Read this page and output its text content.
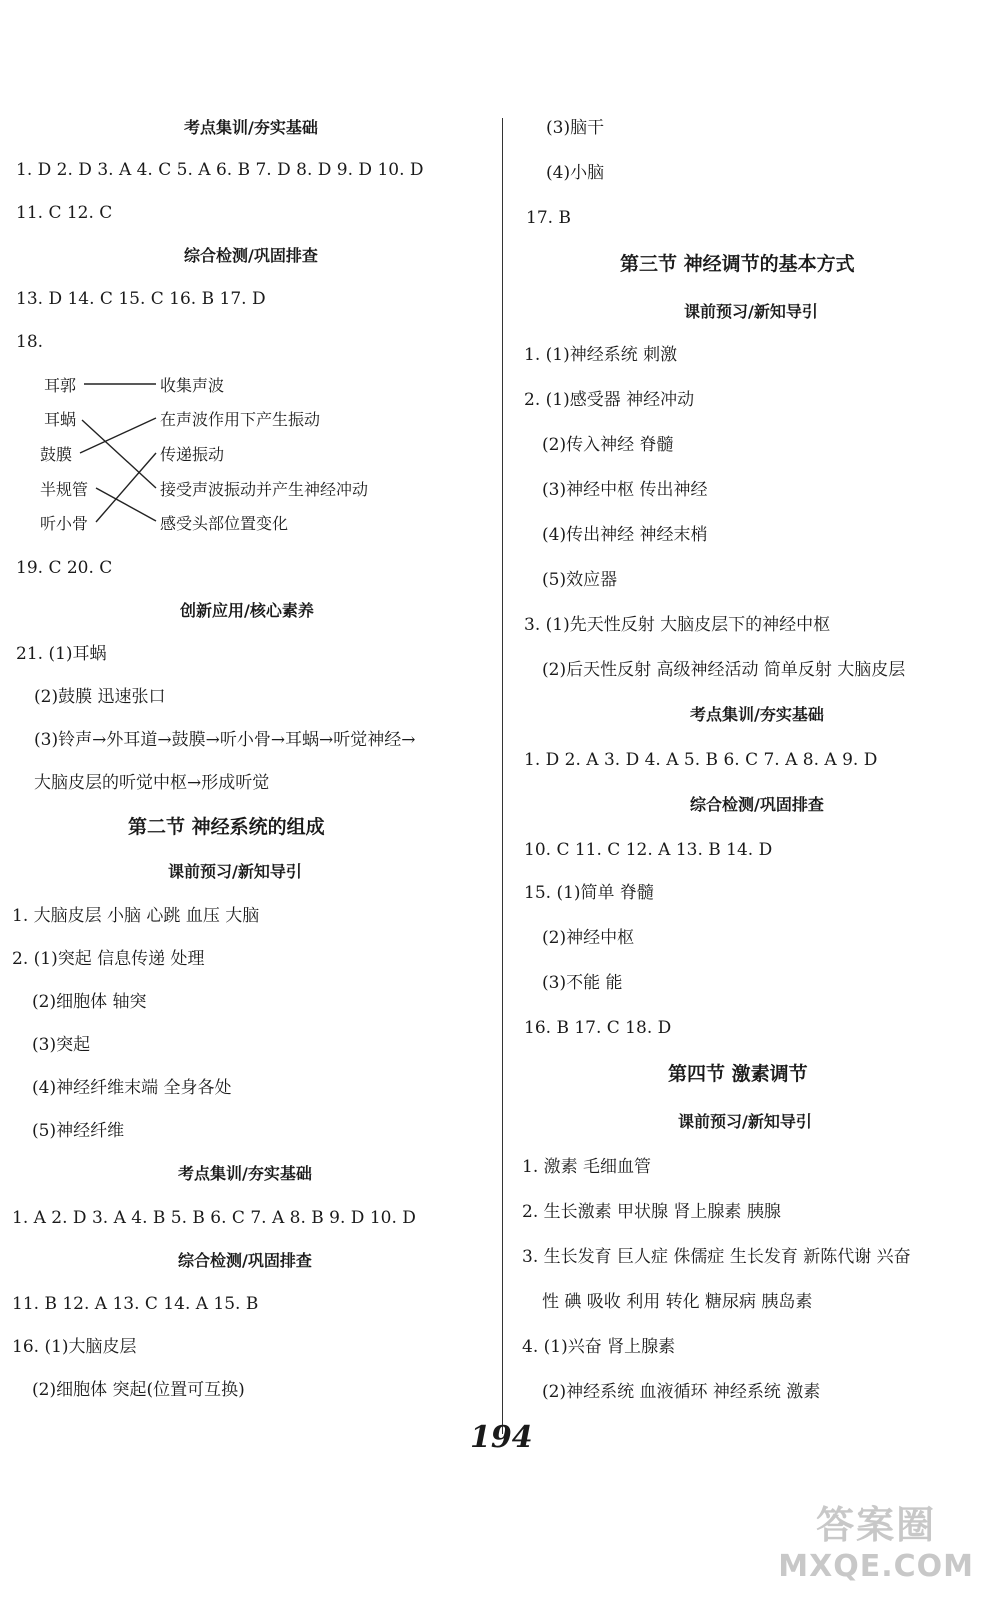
考点集训/夯实基础
1. D 2. D 3. A 4. C 5. A 6. B 7. D 8. D 9. D 10. D
11. C 12. C
综合检测/巩固排查
13. D 14. C 15. C 16. B 17. D
18.
耳郭
耳蜗
鼓膜
半规管
听小骨
收集声波
在声波作用下产生振动
传递振动
接受声波振动并产生神经冲动
感受头部位置变化
19. C 20. C
创新应用/核心素养
21. (1)耳蜗
(2)鼓膜 迅速张口
(3)铃声→外耳道→鼓膜→听小骨→耳蜗→听觉神经→
大脑皮层的听觉中枢→形成听觉
第二节 神经系统的组成
课前预习/新知导引
1. 大脑皮层 小脑 心跳 血压 大脑
2. (1)突起 信息传递 处理
(2)细胞体 轴突
(3)突起
(4)神经纤维末端 全身各处
(5)神经纤维
考点集训/夯实基础
1. A 2. D 3. A 4. B 5. B 6. C 7. A 8. B 9. D 10. D
综合检测/巩固排查
11. B 12. A 13. C 14. A 15. B
16. (1)大脑皮层
(2)细胞体 突起(位置可互换)
(3)脑干
(4)小脑
17. B
第三节 神经调节的基本方式
课前预习/新知导引
1. (1)神经系统 刺激
2. (1)感受器 神经冲动
(2)传入神经 脊髓
(3)神经中枢 传出神经
(4)传出神经 神经末梢
(5)效应器
3. (1)先天性反射 大脑皮层下的神经中枢
(2)后天性反射 高级神经活动 简单反射 大脑皮层
考点集训/夯实基础
1. D 2. A 3. D 4. A 5. B 6. C 7. A 8. A 9. D
综合检测/巩固排查
10. C 11. C 12. A 13. B 14. D
15. (1)简单 脊髓
(2)神经中枢
(3)不能 能
16. B 17. C 18. D
第四节 激素调节
课前预习/新知导引
1. 激素 毛细血管
2. 生长激素 甲状腺 肾上腺素 胰腺
3. 生长发育 巨人症 侏儒症 生长发育 新陈代谢 兴奋
性 碘 吸收 利用 转化 糖尿病 胰岛素
4. (1)兴奋 肾上腺素
(2)神经系统 血液循环 神经系统 激素
194
答案圈
MXQE.COM
